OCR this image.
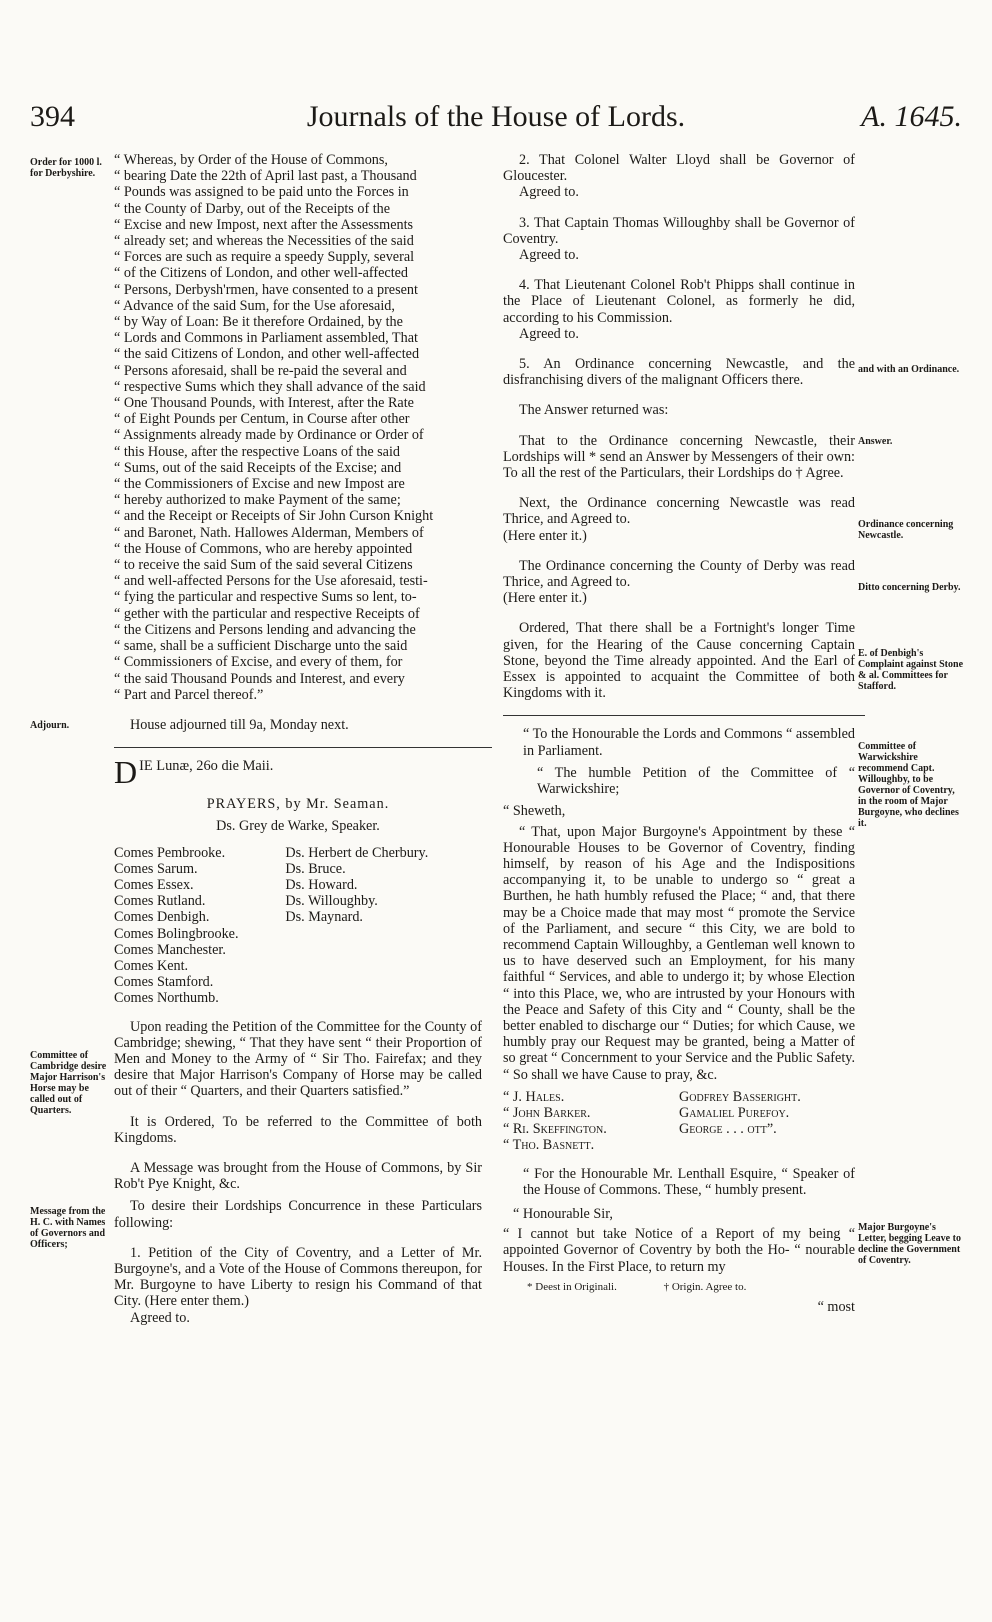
Journals of the House of Lords.
394	A. 1645.
Order for 1000 l. for Derbyshire.
Adjourn.
Committee of Cambridge desire Major Harrison's Horse may be called out of Quarters.
Message from the H. C. with Names of Governors and Officers;
and with an Ordinance.
Answer.
Ordinance concerning Newcastle.
Ditto concerning Derby.
E. of Denbigh's Complaint against Stone & al. Committees for Stafford.
Committee of Warwickshire recommend Capt. Willoughby, to be Governor of Coventry, in the room of Major Burgoyne, who declines it.
Major Burgoyne's Letter, begging Leave to decline the Government of Coventry.
“ Whereas, by Order of the House of Commons,
“ bearing Date the 22th of April last past, a Thousand
“ Pounds was assigned to be paid unto the Forces in
“ the County of Darby, out of the Receipts of the
“ Excise and new Impost, next after the Assessments
“ already set; and whereas the Necessities of the said
“ Forces are such as require a speedy Supply, several
“ of the Citizens of London, and other well-affected
“ Persons, Derbysh'rmen, have consented to a present
“ Advance of the said Sum, for the Use aforesaid,
“ by Way of Loan: Be it therefore Ordained, by the
“ Lords and Commons in Parliament assembled, That
“ the said Citizens of London, and other well-affected
“ Persons aforesaid, shall be re-paid the several and
“ respective Sums which they shall advance of the said
“ One Thousand Pounds, with Interest, after the Rate
“ of Eight Pounds per Centum, in Course after other
“ Assignments already made by Ordinance or Order of
“ this House, after the respective Loans of the said
“ Sums, out of the said Receipts of the Excise; and
“ the Commissioners of Excise and new Impost are
“ hereby authorized to make Payment of the same;
“ and the Receipt or Receipts of Sir John Curson Knight
“ and Baronet, Nath. Hallowes Alderman, Members of
“ the House of Commons, who are hereby appointed
“ to receive the said Sum of the said several Citizens
“ and well-affected Persons for the Use aforesaid, testi-
“ fying the particular and respective Sums so lent, to-
“ gether with the particular and respective Receipts of
“ the Citizens and Persons lending and advancing the
“ same, shall be a sufficient Discharge unto the said
“ Commissioners of Excise, and every of them, for
“ the said Thousand Pounds and Interest, and every
“ Part and Parcel thereof.”

House adjourned till 9a, Monday next.

D IE Lunæ, 26o die Maii.
PRAYERS, by Mr. Seaman.
Ds. Grey de Warke, Speaker.
Comes Pembrooke.	Ds. Herbert de Cherbury.
Comes Sarum.	Ds. Bruce.
Comes Essex.	Ds. Howard.
Comes Rutland.	Ds. Willoughby.
Comes Denbigh.	Ds. Maynard.
Comes Bolingbrooke.	
Comes Manchester.	
Comes Kent.	
Comes Stamford.	
Comes Northumb.	

Upon reading the Petition of the Committee for the County of Cambridge; shewing, “ That they have sent “ their Proportion of Men and Money to the Army of “ Sir Tho. Fairefax; and they desire that Major Harrison's Company of Horse may be called out of their “ Quarters, and their Quarters satisfied.”

It is Ordered, To be referred to the Committee of both Kingdoms.

A Message was brought from the House of Commons, by Sir Rob't Pye Knight, &c.

To desire their Lordships Concurrence in these Particulars following:

1. Petition of the City of Coventry, and a Letter of Mr. Burgoyne's, and a Vote of the House of Commons thereupon, for Mr. Burgoyne to have Liberty to resign his Command of that City. (Here enter them.)

Agreed to.

2. That Colonel Walter Lloyd shall be Governor of Gloucester.

Agreed to.

3. That Captain Thomas Willoughby shall be Governor of Coventry.

Agreed to.

4. That Lieutenant Colonel Rob't Phipps shall continue in the Place of Lieutenant Colonel, as formerly he did, according to his Commission.

Agreed to.

5. An Ordinance concerning Newcastle, and the disfranchising divers of the malignant Officers there.

The Answer returned was:

That to the Ordinance concerning Newcastle, their Lordships will * send an Answer by Messengers of their own: To all the rest of the Particulars, their Lordships do † Agree.

Next, the Ordinance concerning Newcastle was read Thrice, and Agreed to.

(Here enter it.)

The Ordinance concerning the County of Derby was read Thrice, and Agreed to.

(Here enter it.)

Ordered, That there shall be a Fortnight's longer Time given, for the Hearing of the Cause concerning Captain Stone, beyond the Time already appointed. And the Earl of Essex is appointed to acquaint the Committee of both Kingdoms with it.

“ To the Honourable the Lords and Commons “ assembled in Parliament.

“ The humble Petition of the Committee of “ Warwickshire;

“ Sheweth,

“ That, upon Major Burgoyne's Appointment by these “ Honourable Houses to be Governor of Coventry, finding himself, by reason of his Age and the Indispositions accompanying it, to be unable to undergo so “ great a Burthen, he hath humbly refused the Place; “ and, that there may be a Choice made that may most “ promote the Service of the Parliament, and secure “ this City, we are bold to recommend Captain Willoughby, a Gentleman well known to us to have deserved such an Employment, for his many faithful “ Services, and able to undergo it; by whose Election “ into this Place, we, who are intrusted by your Honours with the Peace and Safety of this City and “ County, shall be the better enabled to discharge our “ Duties; for which Cause, we humbly pray our Request may be granted, being a Matter of so great “ Concernment to your Service and the Public Safety. “ So shall we have Cause to pray, &c.

“ J. Hales.	Godfrey Basseright.
“ John Barker.	Gamaliel Purefoy.
“ Ri. Skeffington.	George . . . ott”.
“ Tho. Basnett.

“ For the Honourable Mr. Lenthall Esquire, “ Speaker of the House of Commons. These, “ humbly present.

“ Honourable Sir,

“ I cannot but take Notice of a Report of my being “ appointed Governor of Coventry by both the Ho- “ nourable Houses. In the First Place, to return my

* Deest in Originali.	† Origin. Agree to.
“ most
